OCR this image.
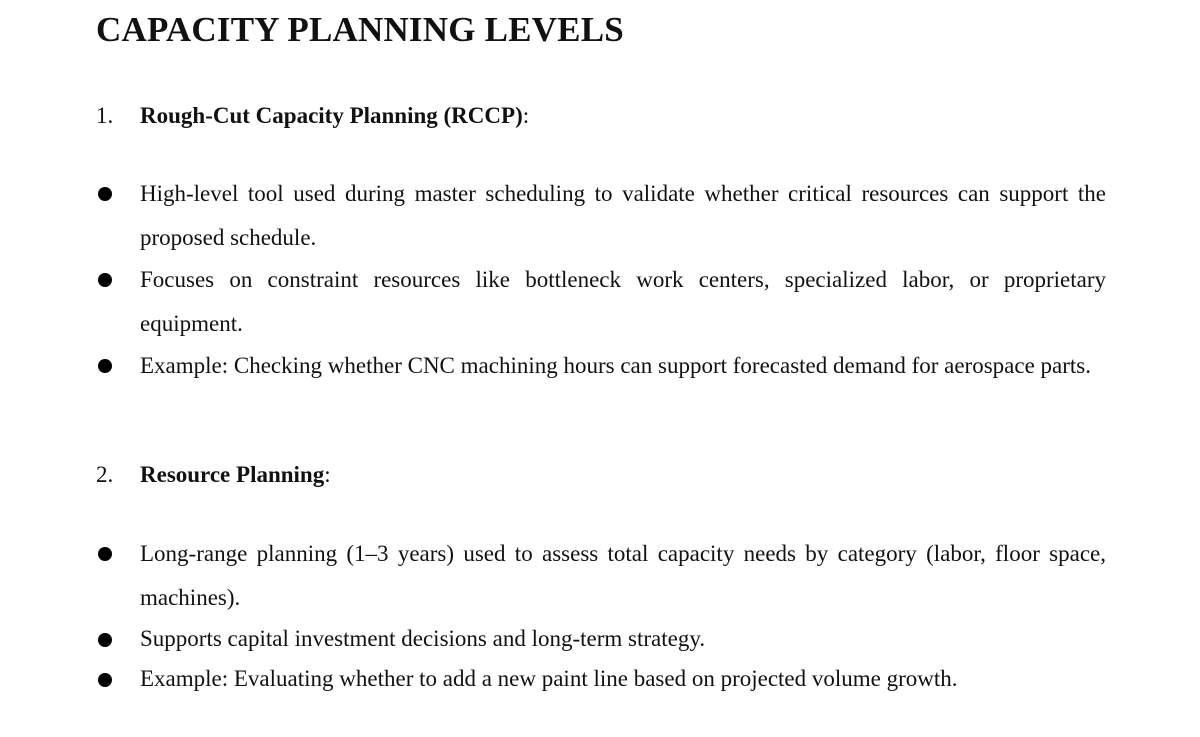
CAPACITY PLANNING LEVELS
1. Rough-Cut Capacity Planning (RCCP):
High-level tool used during master scheduling to validate whether critical resources can support the proposed schedule.
Focuses on constraint resources like bottleneck work centers, specialized labor, or proprietary equipment.
Example: Checking whether CNC machining hours can support forecasted demand for aerospace parts.
2. Resource Planning:
Long-range planning (1–3 years) used to assess total capacity needs by category (labor, floor space, machines).
Supports capital investment decisions and long-term strategy.
Example: Evaluating whether to add a new paint line based on projected volume growth.
